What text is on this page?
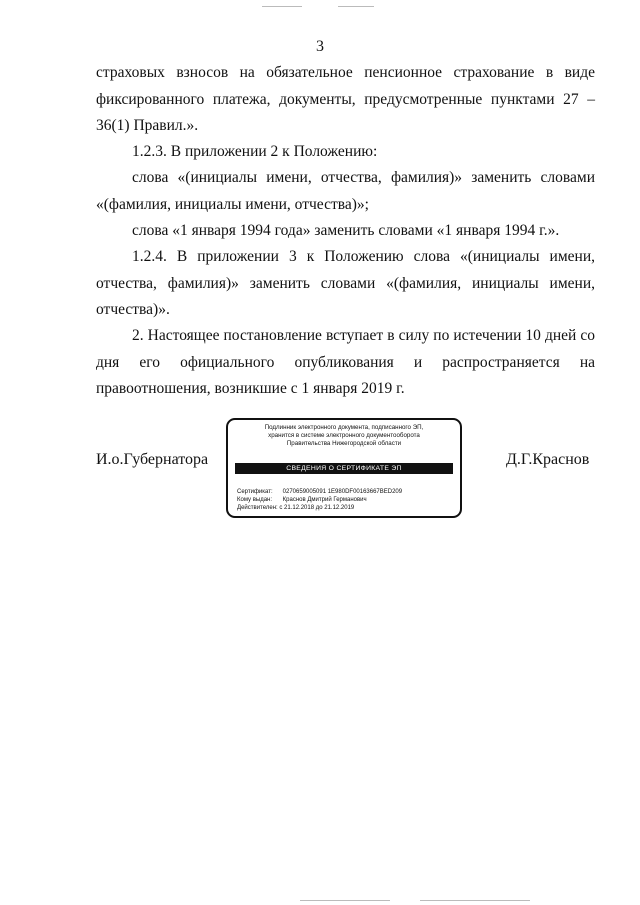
3

страховых взносов на обязательное пенсионное страхование в виде фиксированного платежа, документы, предусмотренные пунктами 27 – 36(1) Правил.».

1.2.3. В приложении 2 к Положению:

слова «(инициалы имени, отчества, фамилия)» заменить словами «(фамилия, инициалы имени, отчества)»;

слова «1 января 1994 года» заменить словами «1 января 1994 г.».

1.2.4. В приложении 3 к Положению слова «(инициалы имени, отчества, фамилия)» заменить словами «(фамилия, инициалы имени, отчества)».

2. Настоящее постановление вступает в силу по истечении 10 дней со дня его официального опубликования и распространяется на правоотношения, возникшие с 1 января 2019 г.

И.о.Губернатора
Подлинник электронного документа, подписанного ЭП,
хранится в системе электронного документооборота
Правительства Нижегородской области
СВЕДЕНИЯ О СЕРТИФИКАТЕ ЭП
Сертификат: 0270659005091 1E980DF00163667BED209
Кому выдан: Краснов Дмитрий Германович
Действителен: с 21.12.2018 до 21.12.2019
Д.Г.Краснов
